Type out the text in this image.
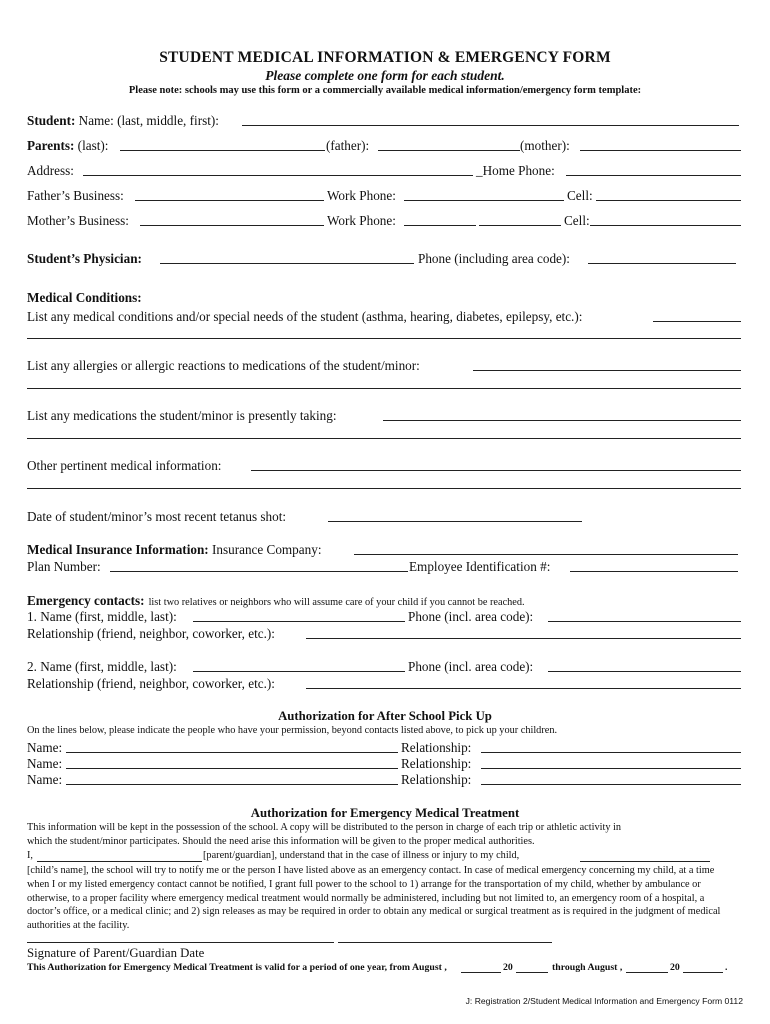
STUDENT MEDICAL INFORMATION & EMERGENCY FORM
Please complete one form for each student.
Please note: schools may use this form or a commercially available medical information/emergency form template:
Student: Name: (last, middle, first):
Parents: (last):	(father):	(mother):
Address:	_Home Phone:
Father’s Business:	Work Phone:	Cell:
Mother’s Business:	Work Phone:	Cell:
Student’s Physician:	Phone (including area code):
Medical Conditions:
List any medical conditions and/or special needs of the student (asthma, hearing, diabetes, epilepsy, etc.):
List any allergies or allergic reactions to medications of the student/minor:
List any medications the student/minor is presently taking:
Other pertinent medical information:
Date of student/minor’s most recent tetanus shot:
Medical Insurance Information: Insurance Company:
Plan Number:	Employee Identification #:
Emergency contacts: list two relatives or neighbors who will assume care of your child if you cannot be reached.
1. Name (first, middle, last):	Phone (incl. area code):
Relationship (friend, neighbor, coworker, etc.):
2. Name (first, middle, last):	Phone (incl. area code):
Relationship (friend, neighbor, coworker, etc.):
Authorization for After School Pick Up
On the lines below, please indicate the people who have your permission, beyond contacts listed above, to pick up your children.
Name:	Relationship:
Name:	Relationship:
Name:	Relationship:
Authorization for Emergency Medical Treatment
This information will be kept in the possession of the school. A copy will be distributed to the person in charge of each trip or athletic activity in
which the student/minor participates. Should the need arise this information will be given to the proper medical authorities.
I,	[parent/guardian], understand that in the case of illness or injury to my child,
[child’s name], the school will try to notify me or the person I have listed above as an emergency contact. In case of medical emergency concerning my child, at a time when I or my listed emergency contact cannot be notified, I grant full power to the school to 1) arrange for the transportation of my child, whether by ambulance or otherwise, to a proper facility where emergency medical treatment would normally be administered, including but not limited to, an emergency room of a hospital, a doctor’s office, or a medical clinic; and 2) sign releases as may be required in order to obtain any medical or surgical treatment as is required in the judgment of medical authorities at the facility.
Signature of Parent/Guardian Date
This Authorization for Emergency Medical Treatment is valid for a period of one year, from August ,	20	through August ,	20	.
J: Registration 2/Student Medical Information and Emergency Form 0112
